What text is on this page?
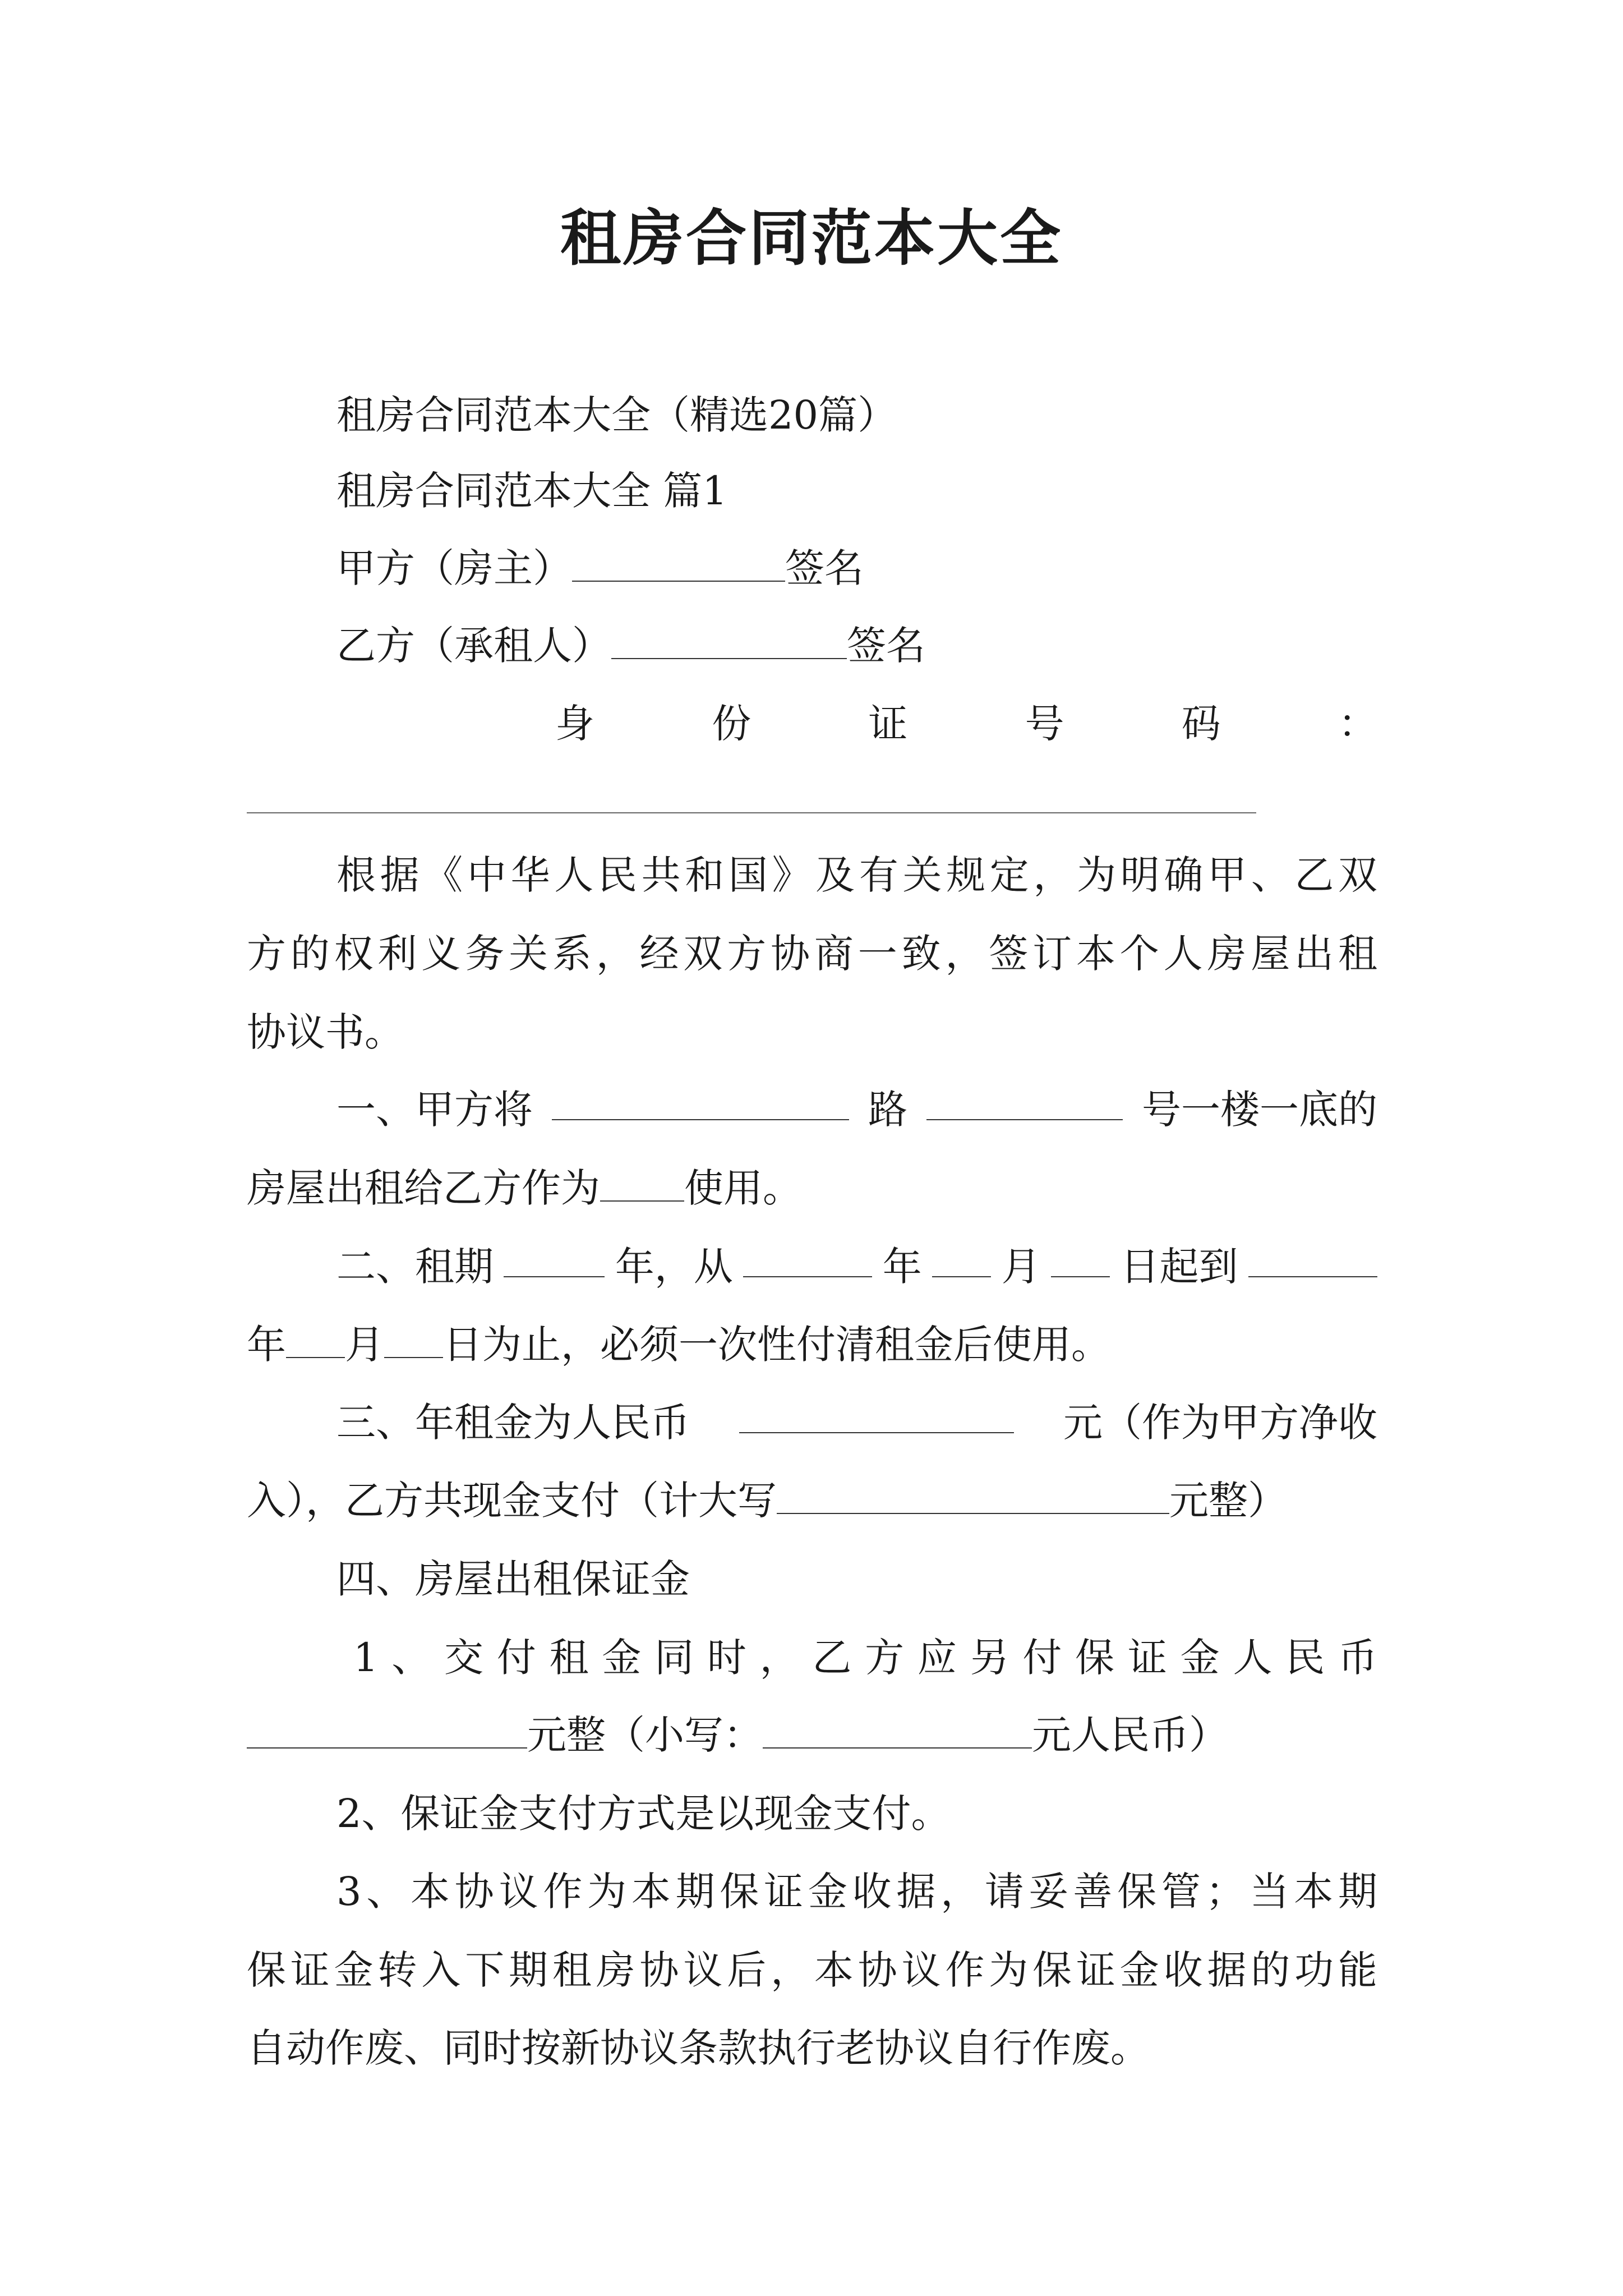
租房合同范本大全
租房合同范本大全（精选20篇）
租房合同范本大全 篇1
甲方（房主）	签名
乙方（承租人）	签名
身	份	证	号	码	：
根据《中华人民共和国》及有关规定，为明确甲、乙双
方的权利义务关系，经双方协商一致，签订本个人房屋出租
协议书。
一、甲方将	路	号一楼一底的
房屋出租给乙方作为 使用。
二、租期	年，从	年 月 日起到
年 月 日为止，必须一次性付清租金后使用。
三、年租金为人民币	元（作为甲方净收
入），乙方共现金支付（计大写	元整）
四、房屋出租保证金
1、交付租金同时，乙方应另付保证金人民币
元整（小写：	元人民币）
2、保证金支付方式是以现金支付。
3、本协议作为本期保证金收据，请妥善保管；当本期
保证金转入下期租房协议后，本协议作为保证金收据的功能
自动作废、同时按新协议条款执行老协议自行作废。
